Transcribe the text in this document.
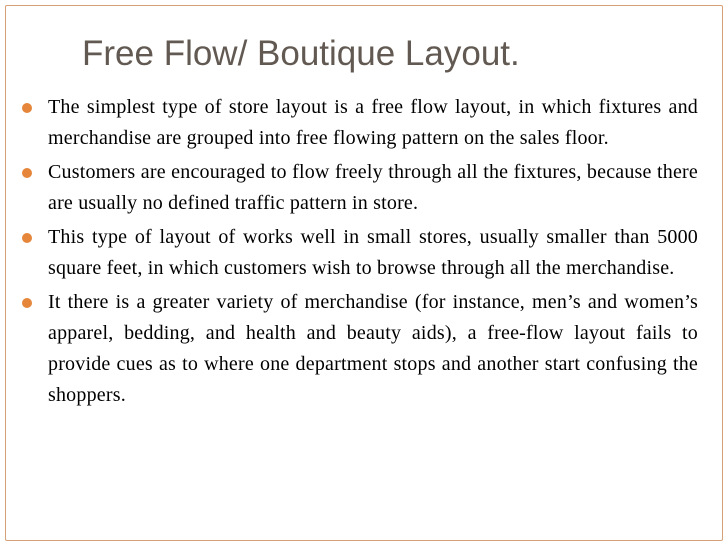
Free Flow/ Boutique Layout.
The simplest type of store layout is a free flow layout, in which fixtures and merchandise are grouped into free flowing pattern on the sales floor.
Customers are encouraged to flow freely through all the fixtures, because there are usually no defined traffic pattern in store.
This type of layout of works well in small stores, usually smaller than 5000 square feet, in which customers wish to browse through all the merchandise.
It there is a greater variety of merchandise (for instance, men’s and women’s apparel, bedding, and health and beauty aids), a free-flow layout fails to provide cues as to where one department stops and another start confusing the shoppers.
